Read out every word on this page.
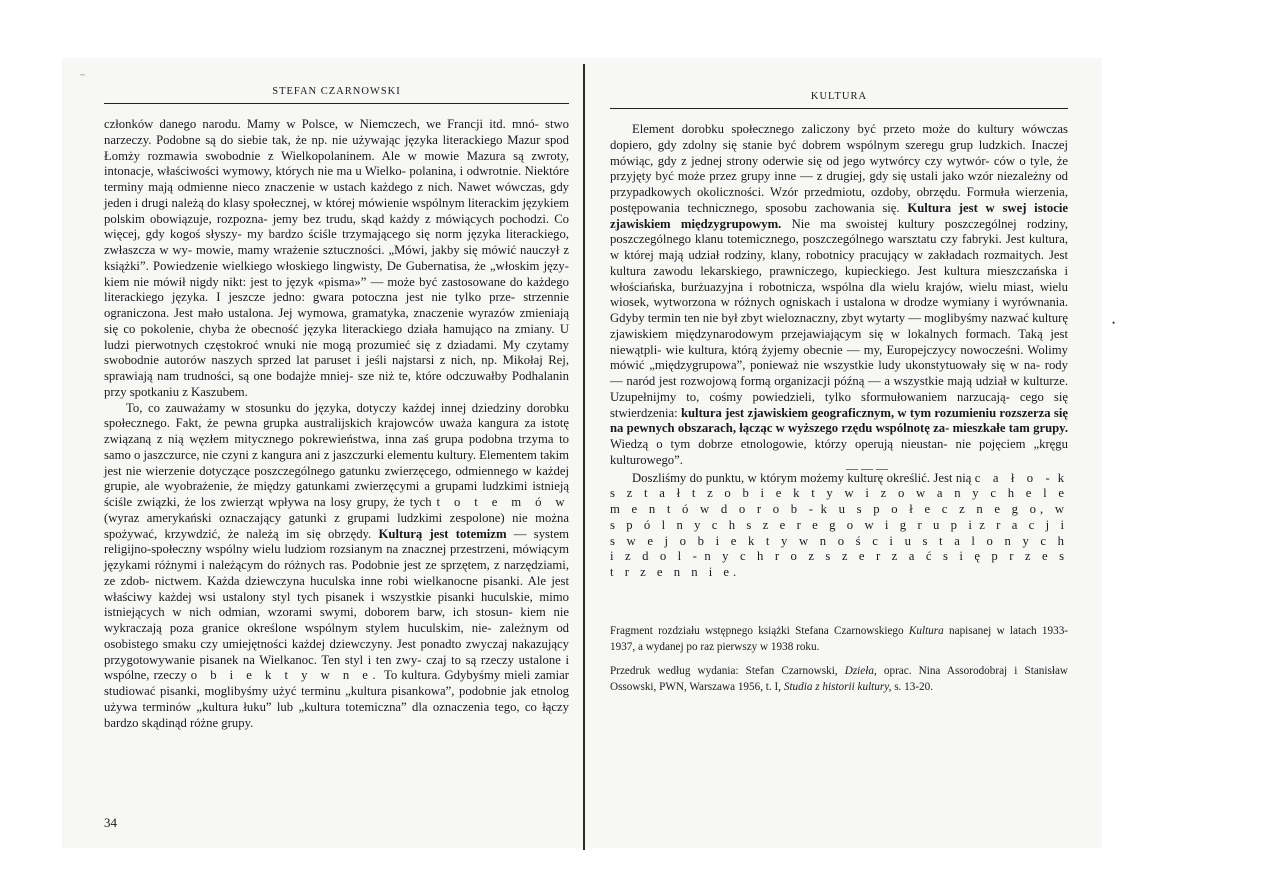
~
STEFAN CZARNOWSKI

członków danego narodu. Mamy w Polsce, w Niemczech, we Francji itd. mnó- stwo narzeczy. Podobne są do siebie tak, że np. nie używając języka literackiego Mazur spod Łomży rozmawia swobodnie z Wielkopolaninem. Ale w mowie Mazura są zwroty, intonacje, właściwości wymowy, których nie ma u Wielko- polanina, i odwrotnie. Niektóre terminy mają odmienne nieco znaczenie w ustach każdego z nich. Nawet wówczas, gdy jeden i drugi należą do klasy społecznej, w której mówienie wspólnym literackim językiem polskim obowiązuje, rozpozna- jemy bez trudu, skąd każdy z mówiących pochodzi. Co więcej, gdy kogoś słyszy- my bardzo ściśle trzymającego się norm języka literackiego, zwłaszcza w wy- mowie, mamy wrażenie sztuczności. „Mówi, jakby się mówić nauczył z książki”. Powiedzenie wielkiego włoskiego lingwisty, De Gubernatisa, że „włoskim języ- kiem nie mówił nigdy nikt: jest to język «pisma»” — może być zastosowane do każdego literackiego języka. I jeszcze jedno: gwara potoczna jest nie tylko prze- strzennie ograniczona. Jest mało ustalona. Jej wymowa, gramatyka, znaczenie wyrazów zmieniają się co pokolenie, chyba że obecność języka literackiego działa hamująco na zmiany. U ludzi pierwotnych częstokroć wnuki nie mogą prozumieć się z dziadami. My czytamy swobodnie autorów naszych sprzed lat paruset i jeśli najstarsi z nich, np. Mikołaj Rej, sprawiają nam trudności, są one bodajże mniej- sze niż te, które odczuwałby Podhalanin przy spotkaniu z Kaszubem.

To, co zauważamy w stosunku do języka, dotyczy każdej innej dziedziny dorobku społecznego. Fakt, że pewna grupka australijskich krajowców uważa kangura za istotę związaną z nią węzłem mitycznego pokrewieństwa, inna zaś grupa podobna trzyma to samo o jaszczurce, nie czyni z kangura ani z jaszczurki elementu kultury. Elementem takim jest nie wierzenie dotyczące poszczególnego gatunku zwierzęcego, odmiennego w każdej grupie, ale wyobrażenie, że między gatunkami zwierzęcymi a grupami ludzkimi istnieją ściśle związki, że los zwierząt wpływa na losy grupy, że tych t o t e m ó w (wyraz amerykański oznaczający gatunki z grupami ludzkimi zespolone) nie można spożywać, krzywdzić, że należą im się obrzędy. Kulturą jest totemizm — system religijno-społeczny wspólny wielu ludziom rozsianym na znacznej przestrzeni, mówiącym językami różnymi i należącym do różnych ras. Podobnie jest ze sprzętem, z narzędziami, ze zdob- nictwem. Każda dziewczyna huculska inne robi wielkanocne pisanki. Ale jest właściwy każdej wsi ustalony styl tych pisanek i wszystkie pisanki huculskie, mimo istniejących w nich odmian, wzorami swymi, doborem barw, ich stosun- kiem nie wykraczają poza granice określone wspólnym stylem huculskim, nie- zależnym od osobistego smaku czy umiejętności każdej dziewczyny. Jest ponadto zwyczaj nakazujący przygotowywanie pisanek na Wielkanoc. Ten styl i ten zwy- czaj to są rzeczy ustalone i wspólne, rzeczy o b i e k t y w n e. To kultura. Gdybyśmy mieli zamiar studiować pisanki, moglibyśmy użyć terminu „kultura pisankowa”, podobnie jak etnolog używa terminów „kultura łuku” lub „kultura totemiczna” dla oznaczenia tego, co łączy bardzo skądinąd różne grupy.

34
KULTURA

Element dorobku społecznego zaliczony być przeto może do kultury wówczas dopiero, gdy zdolny się stanie być dobrem wspólnym szeregu grup ludzkich. Inaczej mówiąc, gdy z jednej strony oderwie się od jego wytwórcy czy wytwór- ców o tyle, że przyjęty być może przez grupy inne — z drugiej, gdy się ustali jako wzór niezależny od przypadkowych okoliczności. Wzór przedmiotu, ozdoby, obrzędu. Formuła wierzenia, postępowania technicznego, sposobu zachowania się. Kultura jest w swej istocie zjawiskiem międzygrupowym. Nie ma swoistej kultury poszczególnej rodziny, poszczególnego klanu totemicznego, poszczególnego warsztatu czy fabryki. Jest kultura, w której mają udział rodziny, klany, robotnicy pracujący w zakładach rozmaitych. Jest kultura zawodu lekarskiego, prawniczego, kupieckiego. Jest kultura mieszczańska i włościańska, burżuazyjna i robotnicza, wspólna dla wielu krajów, wielu miast, wielu wiosek, wytworzona w różnych ogniskach i ustalona w drodze wymiany i wyrównania. Gdyby termin ten nie był zbyt wieloznaczny, zbyt wytarty — moglibyśmy nazwać kulturę zjawiskiem międzynarodowym przejawiającym się w lokalnych formach. Taką jest niewątpli- wie kultura, którą żyjemy obecnie — my, Europejczycy nowocześni. Wolimy mówić „międzygrupowa”, ponieważ nie wszystkie ludy ukonstytuowały się w na- rody — naród jest rozwojową formą organizacji późną — a wszystkie mają udział w kulturze. Uzupełnijmy to, cośmy powiedzieli, tylko sformułowaniem narzucają- cego się stwierdzenia: kultura jest zjawiskiem geograficznym, w tym rozumieniu rozszerza się na pewnych obszarach, łącząc w wyższego rzędu wspólnotę za- mieszkałe tam grupy. Wiedzą o tym dobrze etnologowie, którzy operują nieustan- nie pojęciem „kręgu kulturowego”.

— — —

Doszliśmy do punktu, w którym możemy kulturę określić. Jest nią c a ł o - k s z t a ł t z o b i e k t y w i z o w a n y c h e l e m e n t ó w d o r o b - k u s p o ł e c z n e g o, w s p ó l n y c h s z e r e g o w i g r u p i z r a c j i s w e j o b i e k t y w n o ś c i u s t a l o n y c h i z d o l - n y c h r o z s z e r z a ć s i ę p r z e s t r z e n n i e.

Fragment rozdziału wstępnego książki Stefana Czarnowskiego Kultura napisanej w latach 1933-1937, a wydanej po raz pierwszy w 1938 roku.

Przedruk według wydania: Stefan Czarnowski, Dzieła, oprac. Nina Assorodobraj i Stanisław Ossowski, PWN, Warszawa 1956, t. I, Studia z historii kultury, s. 13-20.

•
